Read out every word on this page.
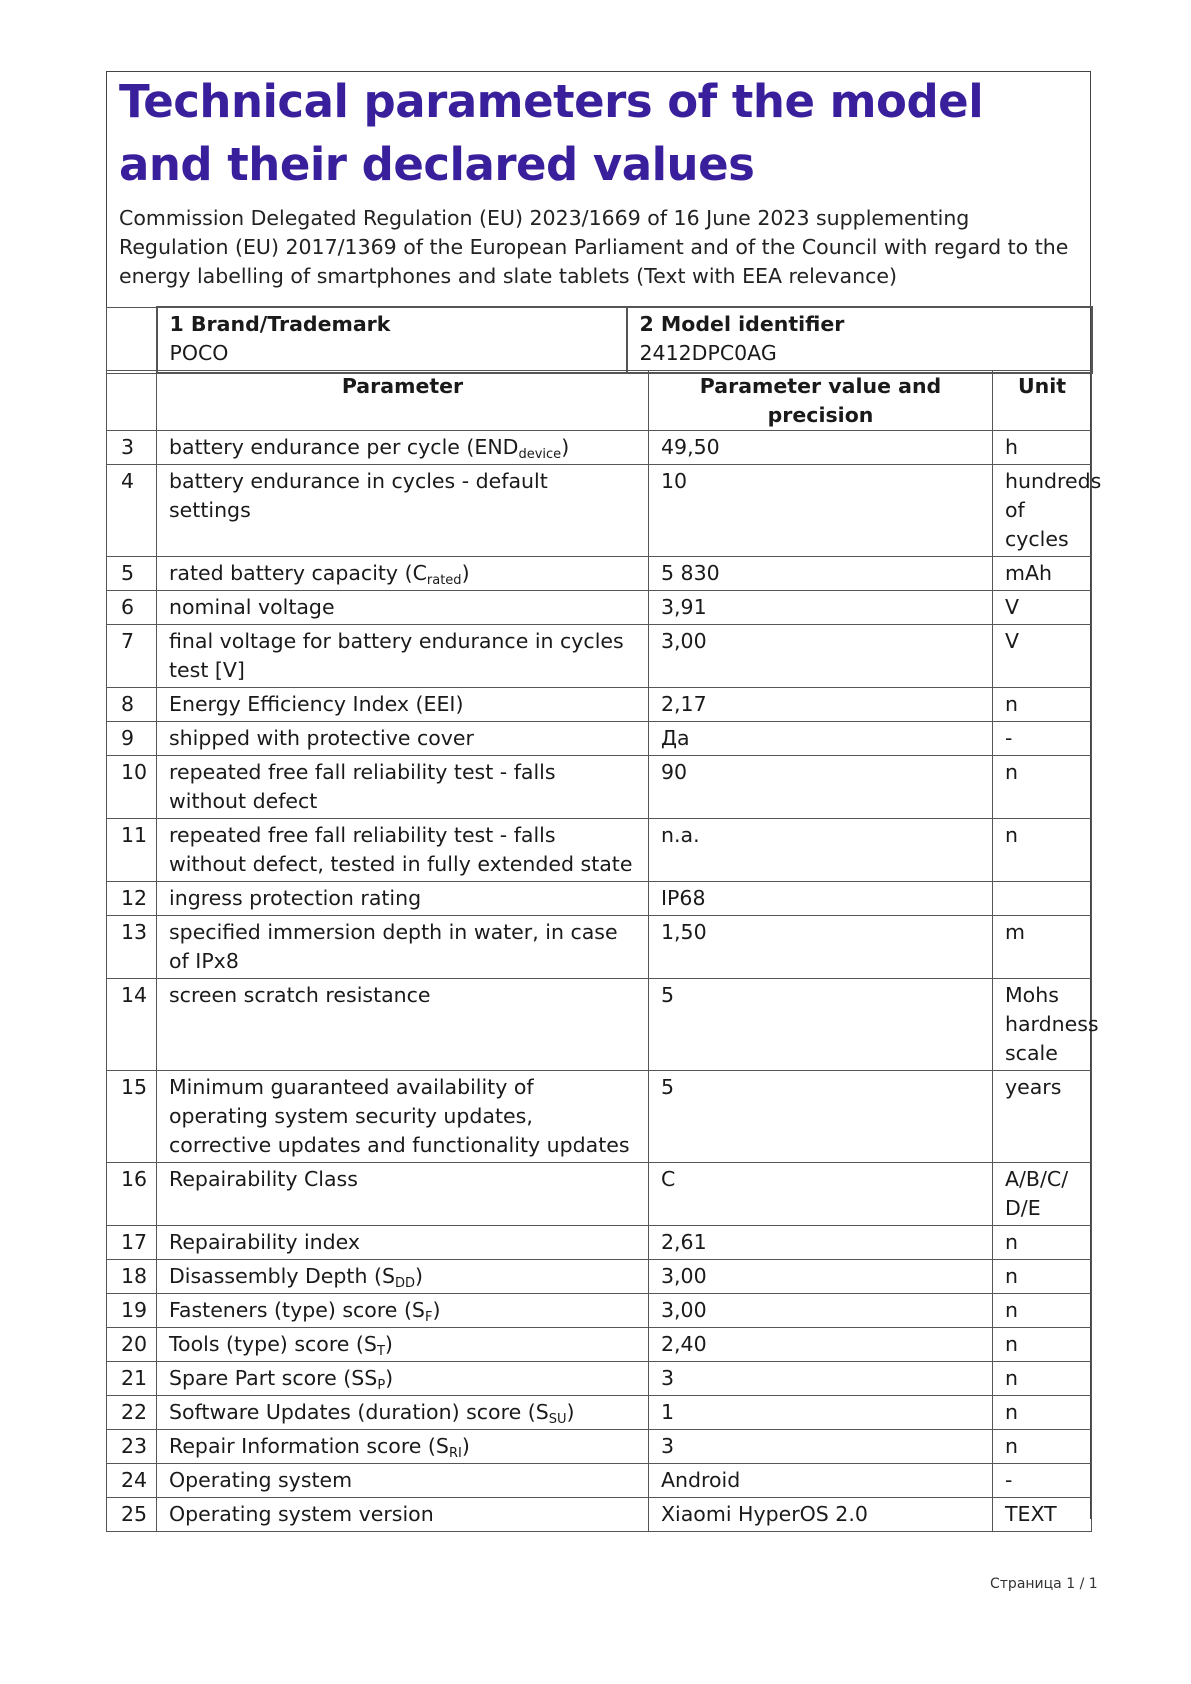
Technical parameters of the model and their declared values

Commission Delegated Regulation (EU) 2023/1669 of 16 June 2023 supplementing Regulation (EU) 2017/1369 of the European Parliament and of the Council with regard to the energy labelling of smartphones and slate tablets (Text with EEA relevance)

1 Brand/Trademark
POCO	
2 Model identifier
2412DPC0AG
	Parameter	Parameter value and precision	Unit
3	battery endurance per cycle $(END_{device})$	49,50	h

4	battery endurance in cycles - default settings	10	hundreds of cycles

5	rated battery capacity $(C_{rated})$	5 830	mAh

6	nominal voltage	3,91	V

7	final voltage for battery endurance in cycles test [V]	3,00	V

8	Energy Efficiency Index (EEI)	2,17	n

9	shipped with protective cover	Да	-

10	repeated free fall reliability test - falls without defect	90	n

11	repeated free fall reliability test - falls without defect, tested in fully extended state	n.a.	n

12	ingress protection rating	IP68	

13	specified immersion depth in water, in case of IPx8	1,50	m

14	screen scratch resistance	5	Mohs hardness scale

15	Minimum guaranteed availability of operating system security updates, corrective updates and functionality updates	5	years

16	Repairability Class	C	A/B/C/ D/E

17	Repairability index	2,61	n

18	Disassembly Depth $(S_{DD})$	3,00	n

19	Fasteners (type) score $(S_F)$	3,00	n

20	Tools (type) score $(S_T)$	2,40	n

21	Spare Part score $(SS_P)$	3	n

22	Software Updates (duration) score $(S_{SU})$	1	n

23	Repair Information score $(S_{RI})$	3	n

24	Operating system	Android	-

25	Operating system version	Xiaomi HyperOS 2.0	TEXT
Страница 1 / 1
